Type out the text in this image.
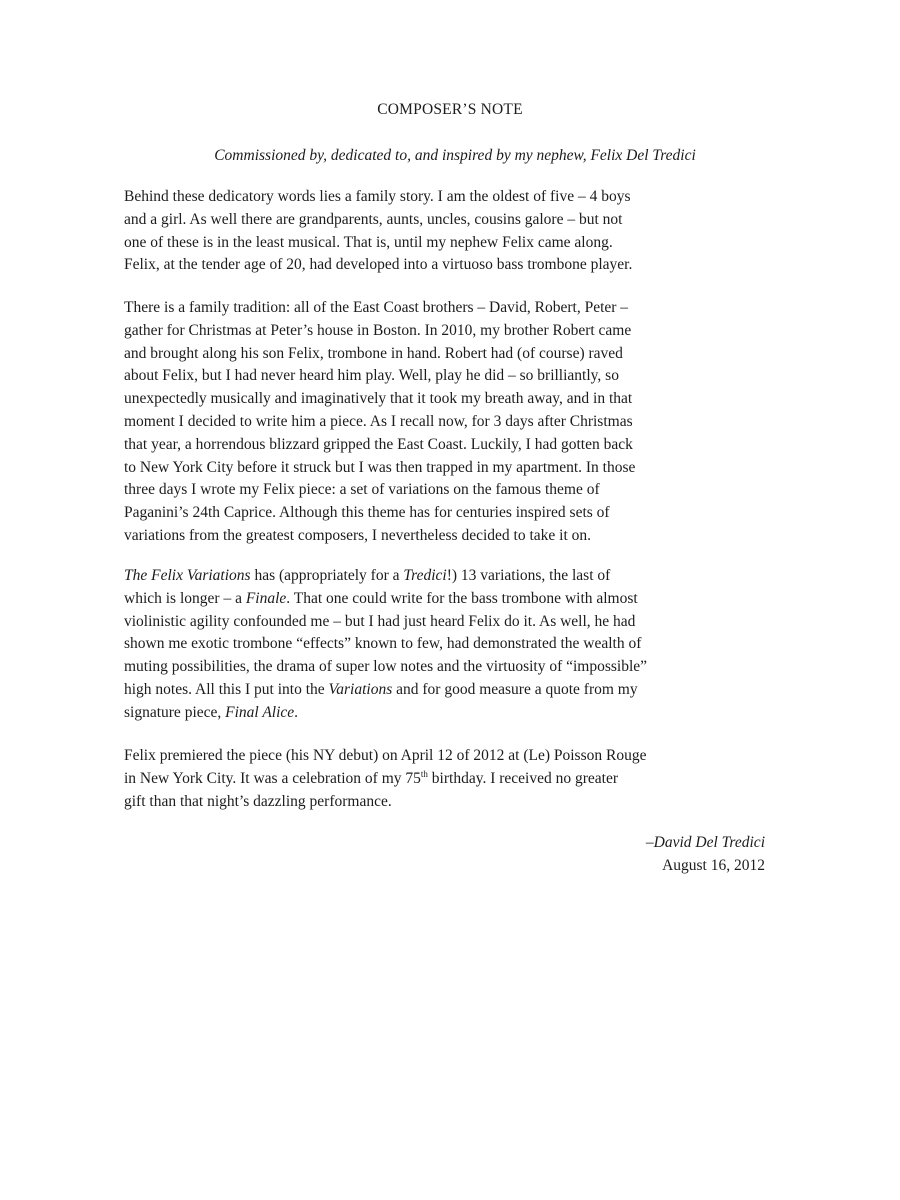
COMPOSER’S NOTE

Commissioned by, dedicated to, and inspired by my nephew, Felix Del Tredici

Behind these dedicatory words lies a family story. I am the oldest of five – 4 boys
and a girl. As well there are grandparents, aunts, uncles, cousins galore – but not
one of these is in the least musical. That is, until my nephew Felix came along.
Felix, at the tender age of 20, had developed into a virtuoso bass trombone player.

There is a family tradition: all of the East Coast brothers – David, Robert, Peter –
gather for Christmas at Peter’s house in Boston. In 2010, my brother Robert came
and brought along his son Felix, trombone in hand. Robert had (of course) raved
about Felix, but I had never heard him play. Well, play he did – so brilliantly, so
unexpectedly musically and imaginatively that it took my breath away, and in that
moment I decided to write him a piece. As I recall now, for 3 days after Christmas
that year, a horrendous blizzard gripped the East Coast. Luckily, I had gotten back
to New York City before it struck but I was then trapped in my apartment. In those
three days I wrote my Felix piece: a set of variations on the famous theme of
Paganini’s 24th Caprice. Although this theme has for centuries inspired sets of
variations from the greatest composers, I nevertheless decided to take it on.

The Felix Variations has (appropriately for a Tredici!) 13 variations, the last of
which is longer – a Finale. That one could write for the bass trombone with almost
violinistic agility confounded me – but I had just heard Felix do it. As well, he had
shown me exotic trombone “effects” known to few, had demonstrated the wealth of
muting possibilities, the drama of super low notes and the virtuosity of “impossible”
high notes. All this I put into the Variations and for good measure a quote from my
signature piece, Final Alice.

Felix premiered the piece (his NY debut) on April 12 of 2012 at (Le) Poisson Rouge
in New York City. It was a celebration of my 75th birthday. I received no greater
gift than that night’s dazzling performance.

–David Del Tredici
August 16, 2012
